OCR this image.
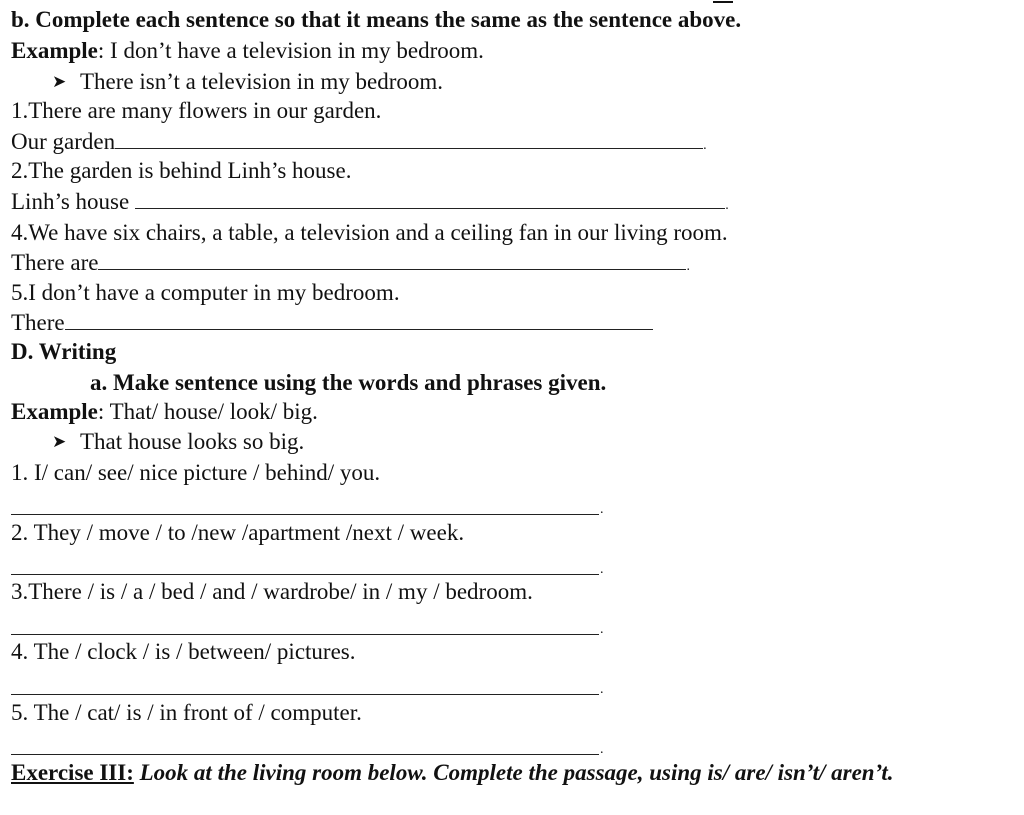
b. Complete each sentence so that it means the same as the sentence above.
Example: I don’t have a television in my bedroom.
➤ There isn’t a television in my bedroom.
1.There are many flowers in our garden.
Our garden	.
2.The garden is behind Linh’s house.
Linh’s house	.
4.We have six chairs, a table, a television and a ceiling fan in our living room.
There are	.
5.I don’t have a computer in my bedroom.
There
D. Writing
a. Make sentence using the words and phrases given.
Example: That/ house/ look/ big.
➤ That house looks so big.
1. I/ can/ see/ nice picture / behind/ you.
.
2. They / move / to /new /apartment /next / week.
.
3.There / is / a / bed / and / wardrobe/ in / my / bedroom.
.
4. The / clock / is / between/ pictures.
.
5. The / cat/ is / in front of / computer.
.
Exercise III: Look at the living room below. Complete the passage, using is/ are/ isn’t/ aren’t.
